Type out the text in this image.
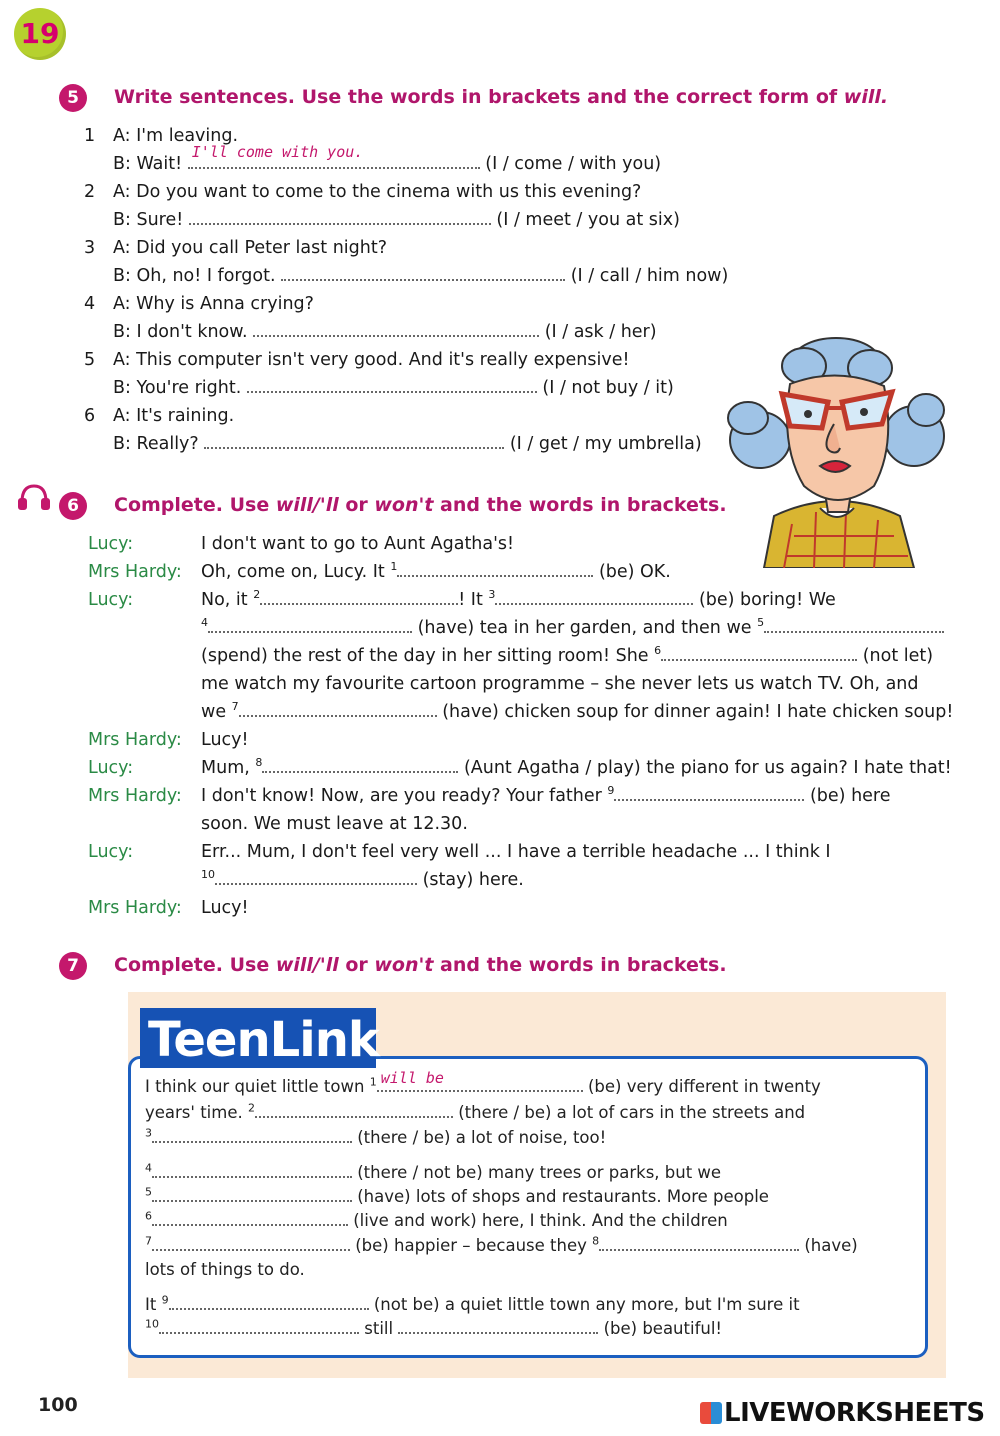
19
5	Write sentences. Use the words in brackets and the correct form of will.
1	A: I'm leaving.
B: Wait!
I'll come with you.
(I / come / with you)
2	A: Do you want to come to the cinema with us this evening?
B: Sure!	(I / meet / you at six)
3	A: Did you call Peter last night?
B: Oh, no! I forgot.	(I / call / him now)
4	A: Why is Anna crying?
B: I don't know.	(I / ask / her)
5	A: This computer isn't very good. And it's really expensive!
B: You're right.	(I / not buy / it)
6	A: It's raining.
B: Really?	(I / get / my umbrella)
6	Complete. Use will/'ll or won't and the words in brackets.
Lucy:	I don't want to go to Aunt Agatha's!
Mrs Hardy: Oh, come on, Lucy. It $^1$	(be) OK.
Lucy:	No, it $^2$	! It $^3$	(be) boring! We
$^4$	(have) tea in her garden, and then we $^5$
(spend) the rest of the day in her sitting room! She $^6$	(not let)
me watch my favourite cartoon programme – she never lets us watch TV. Oh, and
we $^7$	(have) chicken soup for dinner again! I hate chicken soup!
Mrs Hardy: Lucy!
Lucy:	Mum, $^8$	(Aunt Agatha / play) the piano for us again? I hate that!
Mrs Hardy: I don't know! Now, are you ready? Your father $^9$	(be) here
soon. We must leave at 12.30.
Lucy:	Err... Mum, I don't feel very well ... I have a terrible headache ... I think I
$^{10}$	(stay) here.
Mrs Hardy: Lucy!
7	Complete. Use will/'ll or won't and the words in brackets.
TeenLink
I think our quiet little town $^1$ will be	(be) very different in twenty
years' time. $^2$	(there / be) a lot of cars in the streets and
$^3$	(there / be) a lot of noise, too!
$^4$	(there / not be) many trees or parks, but we
$^5$	(have) lots of shops and restaurants. More people
$^6$	(live and work) here, I think. And the children
$^7$	(be) happier – because they $^8$	(have)
lots of things to do.
It $^9$	(not be) a quiet little town any more, but I'm sure it
$^{10}$	still	(be) beautiful!
100	LIVEWORKSHEETS
